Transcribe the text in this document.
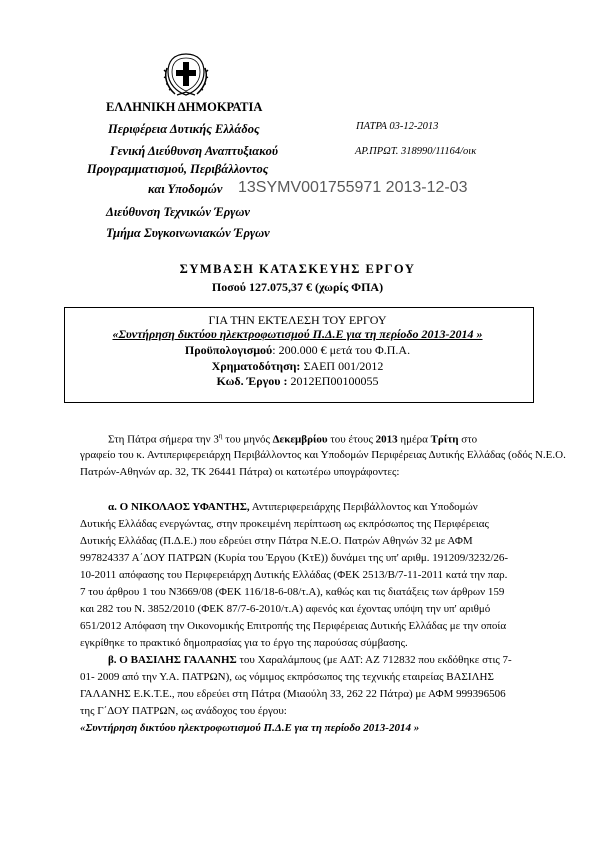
ΕΛΛΗΝΙΚΗ ΔΗΜΟΚΡΑΤΙΑ
Περιφέρεια Δυτικής Ελλάδος
Γενική Διεύθυνση Αναπτυξιακού
Προγραμματισμού, Περιβάλλοντος
και Υποδομών
Διεύθυνση Τεχνικών Έργων
Τμήμα Συγκοινωνιακών Έργων
ΠΑΤΡΑ 03-12-2013
ΑΡ.ΠΡΩΤ. 318990/11164/οικ
13SYMV001755971 2013-12-03
ΣΥΜΒΑΣΗ ΚΑΤΑΣΚΕΥΗΣ ΕΡΓΟΥ
Ποσού 127.075,37 € (χωρίς ΦΠΑ)
ΓΙΑ ΤΗΝ ΕΚΤΕΛΕΣΗ ΤΟΥ ΕΡΓΟΥ
«Συντήρηση δικτύου ηλεκτροφωτισμού Π.Δ.Ε για τη περίοδο 2013-2014 »
Προϋπολογισμού: 200.000 € μετά του Φ.Π.Α.
Χρηματοδότηση: ΣΑΕΠ 001/2012
Κωδ. Έργου : 2012ΕΠ00100055
Στη Πάτρα σήμερα την $3^\eta$ του μηνός Δεκεμβρίου του έτους 2013 ημέρα Τρίτη στο
γραφείο του κ. Αντιπεριφερειάρχη Περιβάλλοντος και Υποδομών Περιφέρειας Δυτικής Ελλάδας (οδός Ν.Ε.Ο.
Πατρών-Αθηνών αρ. 32, ΤΚ 26441 Πάτρα) οι κατωτέρω υπογράφοντες:
α. Ο ΝΙΚΟΛΑΟΣ ΥΦΑΝΤΗΣ, Αντιπεριφερειάρχης Περιβάλλοντος και Υποδομών
Δυτικής Ελλάδας ενεργώντας, στην προκειμένη περίπτωση ως εκπρόσωπος της Περιφέρειας
Δυτικής Ελλάδας (Π.Δ.Ε.) που εδρεύει στην Πάτρα Ν.Ε.Ο. Πατρών Αθηνών 32 με ΑΦΜ
997824337 Α΄ΔΟΥ ΠΑΤΡΩΝ (Κυρία του Έργου (ΚτΕ)) δυνάμει της υπ' αριθμ. 191209/3232/26-
10-2011 απόφασης του Περιφερειάρχη Δυτικής Ελλάδας (ΦΕΚ 2513/Β/7-11-2011 κατά την παρ.
7 του άρθρου 1 του Ν3669/08 (ΦΕΚ 116/18-6-08/τ.Α), καθώς και τις διατάξεις των άρθρων 159
και 282 του Ν. 3852/2010 (ΦΕΚ 87/7-6-2010/τ.Α) αφενός και έχοντας υπόψη την υπ' αριθμό
651/2012 Απόφαση την Οικονομικής Επιτροπής της Περιφέρειας Δυτικής Ελλάδας με την οποία
εγκρίθηκε το πρακτικό δημοπρασίας για το έργο της παρούσας σύμβασης.
β. Ο ΒΑΣΙΛΗΣ ΓΑΛΑΝΗΣ του Χαραλάμπους (με ΑΔΤ: ΑΖ 712832 που εκδόθηκε στις 7-
01- 2009 από την Υ.Α. ΠΑΤΡΩΝ), ως νόμιμος εκπρόσωπος της τεχνικής εταιρείας ΒΑΣΙΛΗΣ
ΓΑΛΑΝΗΣ Ε.Κ.Τ.Ε., που εδρεύει στη Πάτρα (Μιαούλη 33, 262 22 Πάτρα) με ΑΦΜ 999396506
της Γ΄ΔΟΥ ΠΑΤΡΩΝ, ως ανάδοχος του έργου:
«Συντήρηση δικτύου ηλεκτροφωτισμού Π.Δ.Ε για τη περίοδο 2013-2014 »
